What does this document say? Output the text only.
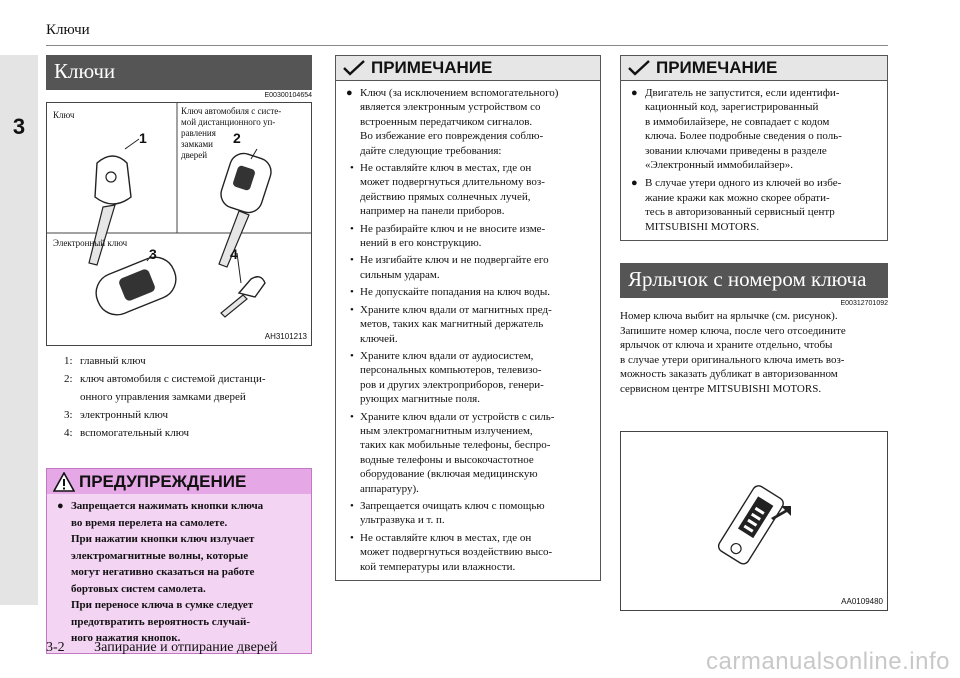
Ключи
3
Ключи
E00300104654
Ключ	Ключ автомобиля с систе-
мой дистанционного уп-
равления
замками
дверей
Электронный ключ
1	2
3	4
AH3101213
1: главный ключ
2: ключ автомобиля с системой дистанци-
онного управления замками дверей
3: электронный ключ
4: вспомогательный ключ
ПРЕДУПРЕЖДЕНИЕ
● Запрещается нажимать кнопки ключа
во время перелета на самолете.
При нажатии кнопки ключ излучает
электромагнитные волны, которые
могут негативно сказаться на работе
бортовых систем самолета.
При переносе ключа в сумке следует
предотвратить вероятность случай-
ного нажатия кнопок.
ПРИМЕЧАНИЕ
● Ключ (за исключением вспомогательного)
является электронным устройством со
встроенным передатчиком сигналов.
Во избежание его повреждения соблю-
дайте следующие требования:
• Не оставляйте ключ в местах, где он
может подвергнуться длительному воз-
действию прямых солнечных лучей,
например на панели приборов.
• Не разбирайте ключ и не вносите изме-
нений в его конструкцию.
• Не изгибайте ключ и не подвергайте его
сильным ударам.
• Не допускайте попадания на ключ воды.
• Храните ключ вдали от магнитных пред-
метов, таких как магнитный держатель
ключей.
• Храните ключ вдали от аудиосистем,
персональных компьютеров, телевизо-
ров и других электроприборов, генери-
рующих магнитные поля.
• Храните ключ вдали от устройств с силь-
ным электромагнитным излучением,
таких как мобильные телефоны, беспро-
водные телефоны и высокочастотное
оборудование (включая медицинскую
аппаратуру).
• Запрещается очищать ключ с помощью
ультразвука и т. п.
• Не оставляйте ключ в местах, где он
может подвергнуться воздействию высо-
кой температуры или влажности.
ПРИМЕЧАНИЕ
● Двигатель не запустится, если идентифи-
кационный код, зарегистрированный
в иммобилайзере, не совпадает с кодом
ключа. Более подробные сведения о поль-
зовании ключами приведены в разделе
«Электронный иммобилайзер».
● В случае утери одного из ключей во избе-
жание кражи как можно скорее обрати-
тесь в авторизованный сервисный центр
MITSUBISHI MOTORS.
Ярлычок с номером ключа
E00312701092
Номер ключа выбит на ярлычке (см. рисунок).
Запишите номер ключа, после чего отсоедините
ярлычок от ключа и храните отдельно, чтобы
в случае утери оригинального ключа иметь воз-
можность заказать дубликат в авторизованном
сервисном центре MITSUBISHI MOTORS.
AA0109480
3-2 Запирание и отпирание дверей
carmanualsonline.info
